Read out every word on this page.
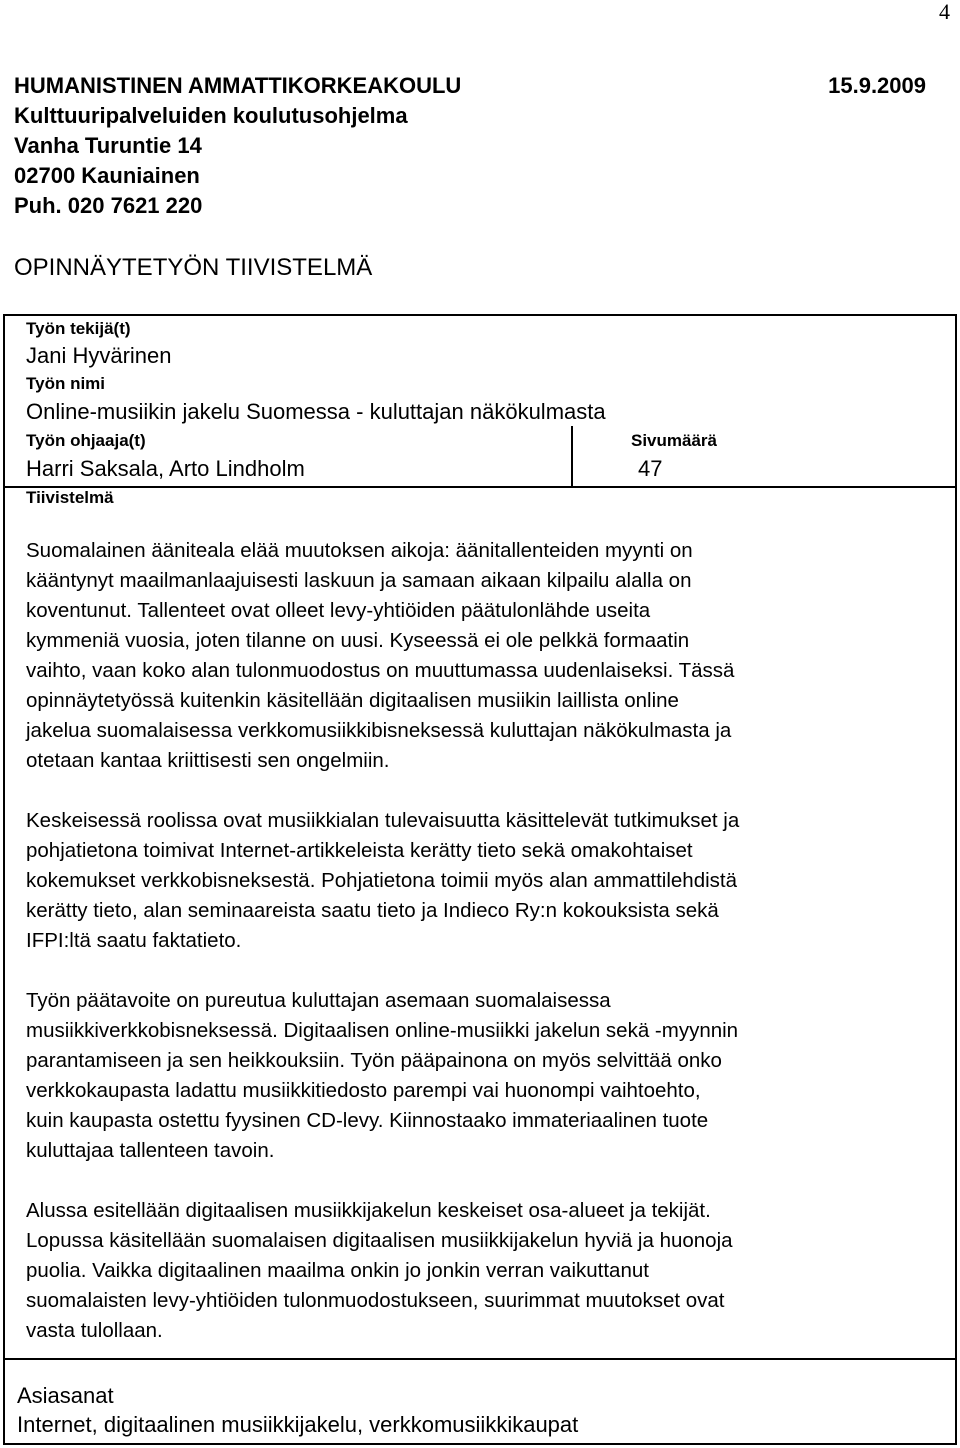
4
HUMANISTINEN AMMATTIKORKEAKOULU	15.9.2009
Kulttuuripalveluiden koulutusohjelma
Vanha Turuntie 14
02700 Kauniainen
Puh. 020 7621 220
OPINNÄYTETYÖN TIIVISTELMÄ
Työn tekijä(t)
Jani Hyvärinen
Työn nimi
Online-musiikin jakelu Suomessa - kuluttajan näkökulmasta
Työn ohjaaja(t)
Harri Saksala, Arto Lindholm
Sivumäärä
47
Tiivistelmä

Suomalainen ääniteala elää muutoksen aikoja: äänitallenteiden myynti on
kääntynyt maailmanlaajuisesti laskuun ja samaan aikaan kilpailu alalla on
koventunut. Tallenteet ovat olleet levy-yhtiöiden päätulonlähde useita
kymmeniä vuosia, joten tilanne on uusi. Kyseessä ei ole pelkkä formaatin
vaihto, vaan koko alan tulonmuodostus on muuttumassa uudenlaiseksi. Tässä
opinnäytetyössä kuitenkin käsitellään digitaalisen musiikin laillista online
jakelua suomalaisessa verkkomusiikkibisneksessä kuluttajan näkökulmasta ja
otetaan kantaa kriittisesti sen ongelmiin.

Keskeisessä roolissa ovat musiikkialan tulevaisuutta käsittelevät tutkimukset ja
pohjatietona toimivat Internet-artikkeleista kerätty tieto sekä omakohtaiset
kokemukset verkkobisneksestä. Pohjatietona toimii myös alan ammattilehdistä
kerätty tieto, alan seminaareista saatu tieto ja Indieco Ry:n kokouksista sekä
IFPI:ltä saatu faktatieto.

Työn päätavoite on pureutua kuluttajan asemaan suomalaisessa
musiikkiverkkobisneksessä. Digitaalisen online-musiikki jakelun sekä -myynnin
parantamiseen ja sen heikkouksiin. Työn pääpainona on myös selvittää onko
verkkokaupasta ladattu musiikkitiedosto parempi vai huonompi vaihtoehto,
kuin kaupasta ostettu fyysinen CD-levy. Kiinnostaako immateriaalinen tuote
kuluttajaa tallenteen tavoin.

Alussa esitellään digitaalisen musiikkijakelun keskeiset osa-alueet ja tekijät.
Lopussa käsitellään suomalaisen digitaalisen musiikkijakelun hyviä ja huonoja
puolia. Vaikka digitaalinen maailma onkin jo jonkin verran vaikuttanut
suomalaisten levy-yhtiöiden tulonmuodostukseen, suurimmat muutokset ovat
vasta tulollaan.

Asiasanat
Internet, digitaalinen musiikkijakelu, verkkomusiikkikaupat
